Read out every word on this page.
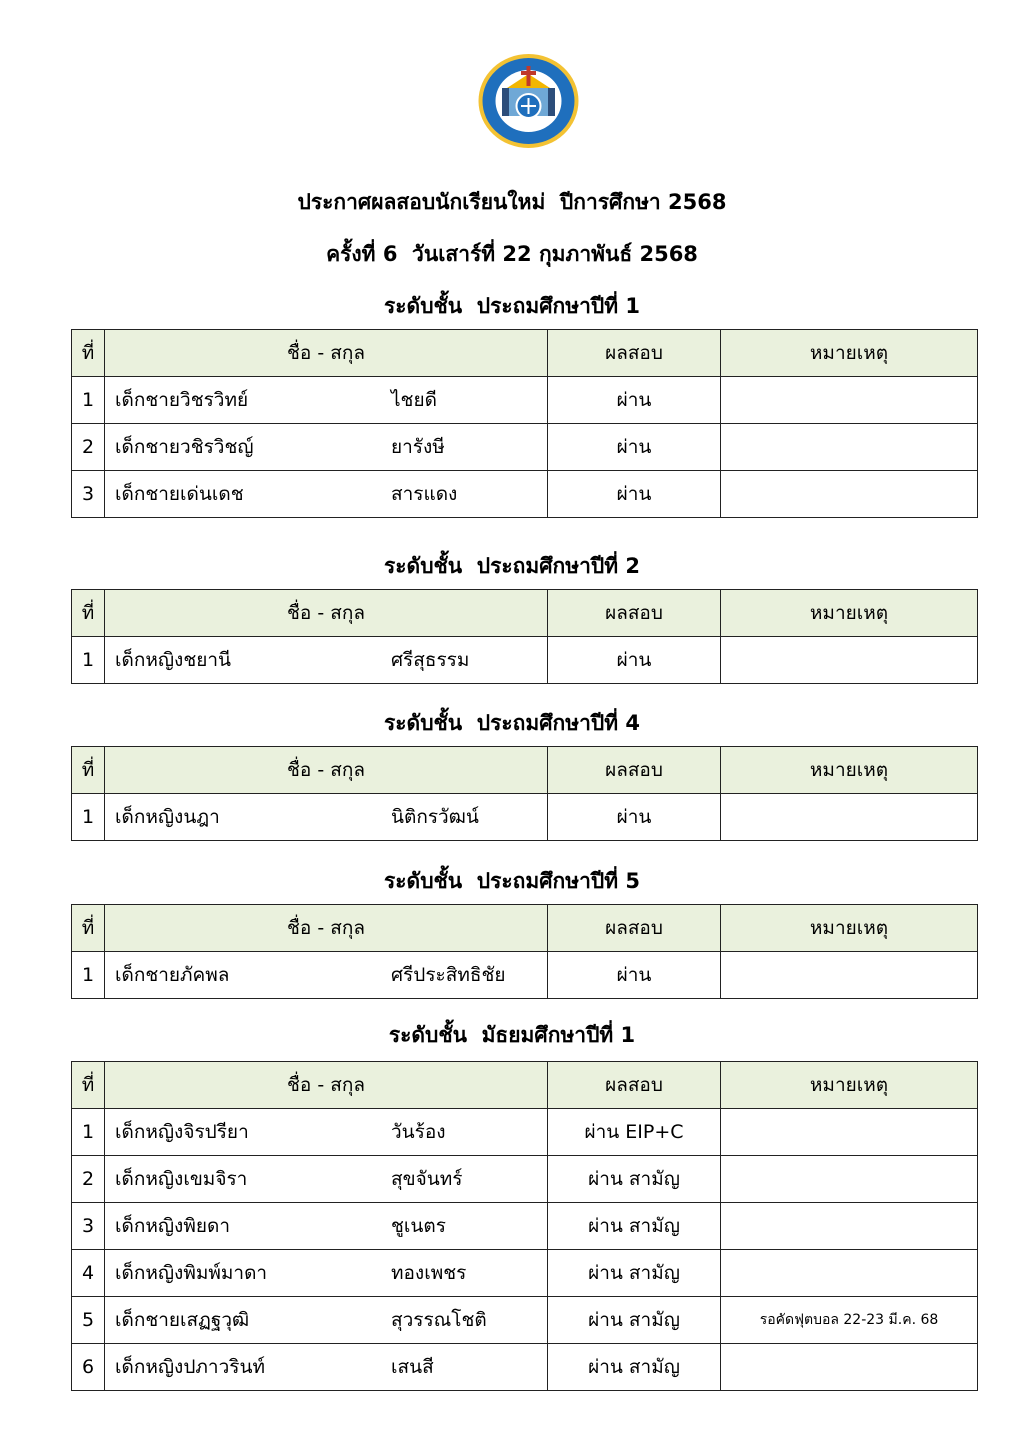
ประกาศผลสอบนักเรียนใหม่  ปีการศึกษา 2568
ครั้งที่ 6  วันเสาร์ที่ 22 กุมภาพันธ์ 2568
ระดับชั้น  ประถมศึกษาปีที่ 1
ที่	ชื่อ - สกุล	ผลสอบ	หมายเหตุ
1	เด็กชายวิชรวิทย์ ไชยดี	ผ่าน	
2	เด็กชายวชิรวิชญ์ ยารังษี	ผ่าน	
3	เด็กชายเด่นเดช สารแดง	ผ่าน	
ระดับชั้น  ประถมศึกษาปีที่ 2
ที่	ชื่อ - สกุล	ผลสอบ	หมายเหตุ
1	เด็กหญิงชยานี ศรีสุธรรม	ผ่าน	
ระดับชั้น  ประถมศึกษาปีที่ 4
ที่	ชื่อ - สกุล	ผลสอบ	หมายเหตุ
1	เด็กหญิงนฎา นิติกรวัฒน์	ผ่าน	
ระดับชั้น  ประถมศึกษาปีที่ 5
ที่	ชื่อ - สกุล	ผลสอบ	หมายเหตุ
1	เด็กชายภัคพล ศรีประสิทธิชัย	ผ่าน	
ระดับชั้น  มัธยมศึกษาปีที่ 1
ที่	ชื่อ - สกุล	ผลสอบ	หมายเหตุ
1	เด็กหญิงจิรปรียา วันร้อง	ผ่าน EIP+C	
2	เด็กหญิงเขมจิรา สุขจันทร์	ผ่าน สามัญ	
3	เด็กหญิงพิยดา ชูเนตร	ผ่าน สามัญ	
4	เด็กหญิงพิมพ์มาดา ทองเพชร	ผ่าน สามัญ	
5	เด็กชายเสฏฐวุฒิ สุวรรณโชติ	ผ่าน สามัญ	รอคัดฟุตบอล 22-23 มี.ค. 68
6	เด็กหญิงปภาวรินท์ เสนสี	ผ่าน สามัญ	
